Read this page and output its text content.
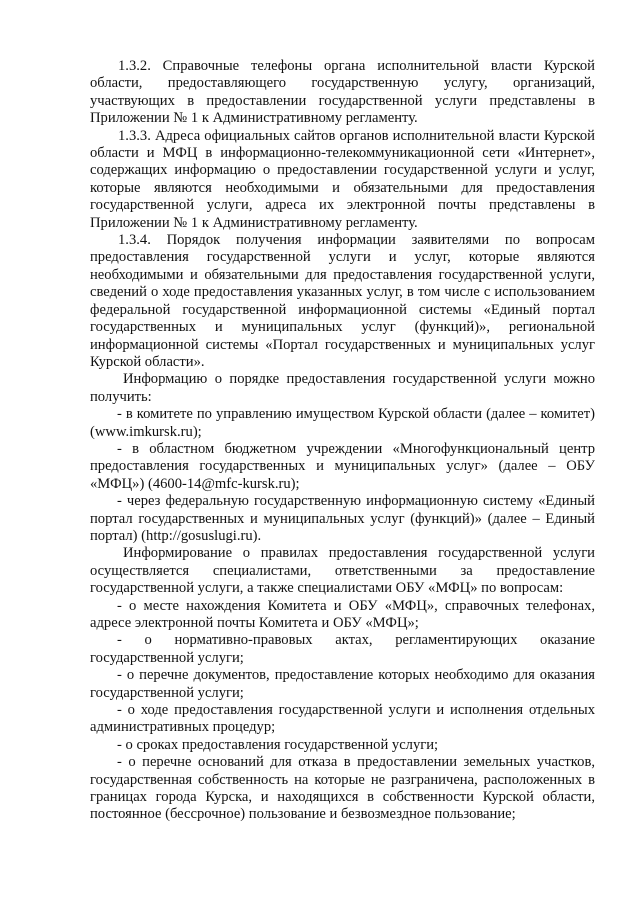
1.3.2. Справочные телефоны органа исполнительной власти Курской области, предоставляющего государственную услугу, организаций, участвующих в предоставлении государственной услуги представлены в Приложении № 1 к Административному регламенту.

1.3.3. Адреса официальных сайтов органов исполнительной власти Курской области и МФЦ в информационно-телекоммуникационной сети «Интернет», содержащих информацию о предоставлении государственной услуги и услуг, которые являются необходимыми и обязательными для предоставления государственной услуги, адреса их электронной почты представлены в Приложении № 1 к Административному регламенту.

1.3.4. Порядок получения информации заявителями по вопросам предоставления государственной услуги и услуг, которые являются необходимыми и обязательными для предоставления государственной услуги, сведений о ходе предоставления указанных услуг, в том числе с использованием федеральной государственной информационной системы «Единый портал государственных и муниципальных услуг (функций)», региональной информационной системы «Портал государственных и муниципальных услуг Курской области».

Информацию о порядке предоставления государственной услуги можно получить:

- в комитете по управлению имуществом Курской области (далее – комитет) (www.imkursk.ru);

- в областном бюджетном учреждении «Многофункциональный центр предоставления государственных и муниципальных услуг» (далее – ОБУ «МФЦ») (4600-14@mfc-kursk.ru);

- через федеральную государственную информационную систему «Единый портал государственных и муниципальных услуг (функций)» (далее – Единый портал) (http://gosuslugi.ru).

Информирование о правилах предоставления государственной услуги осуществляется специалистами, ответственными за предоставление государственной услуги, а также специалистами ОБУ «МФЦ» по вопросам:

- о месте нахождения Комитета и ОБУ «МФЦ», справочных телефонах, адресе электронной почты Комитета и ОБУ «МФЦ»;

- о нормативно-правовых актах, регламентирующих оказание государственной услуги;

- о перечне документов, предоставление которых необходимо для оказания государственной услуги;

- о ходе предоставления государственной услуги и исполнения отдельных административных процедур;

- о сроках предоставления государственной услуги;

- о перечне оснований для отказа в предоставлении земельных участков, государственная собственность на которые не разграничена, расположенных в границах города Курска, и находящихся в собственности Курской области, постоянное (бессрочное) пользование и безвозмездное пользование;
